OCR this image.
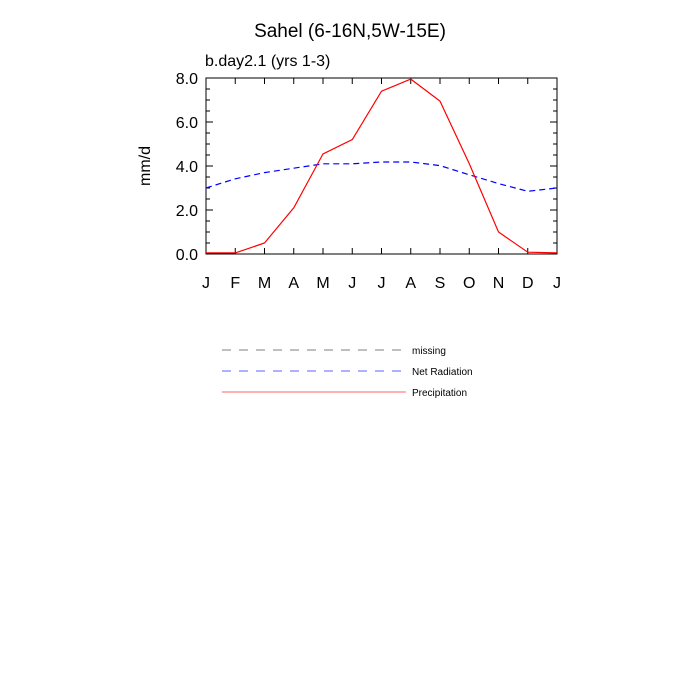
Sahel (6-16N,5W-15E)
b.day2.1 (yrs 1-3)
mm/d
J F M A M J J A S O N D J
0.0
2.0
4.0
6.0
8.0
missing
Net Radiation
Precipitation
